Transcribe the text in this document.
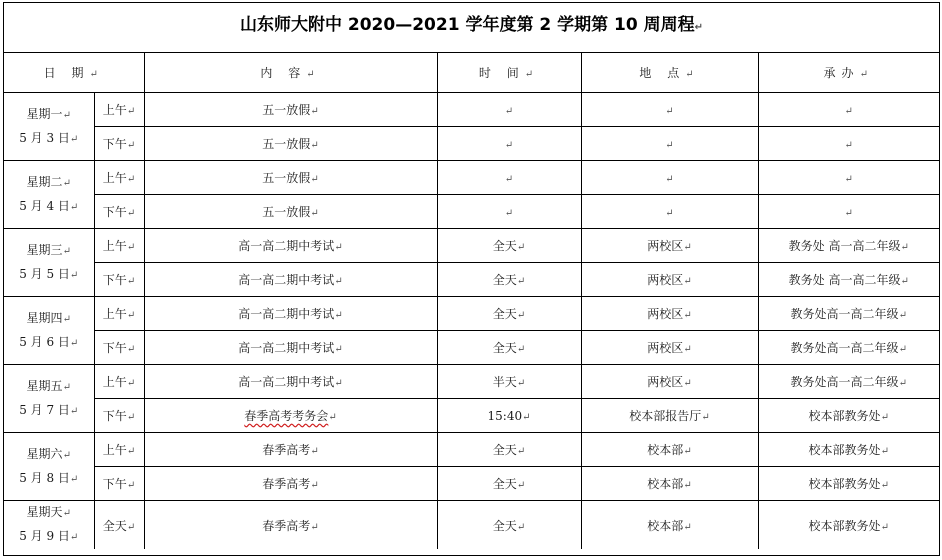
山东师大附中 2020—2021 学年度第 2 学期第 10 周周程↵
日 期↵		内 容↵	时 间↵	地 点↵	承办↵
星期一↵
5 月 3 日↵	上午↵	五一放假↵	↵	↵	↵
	下午↵	五一放假↵	↵	↵	↵
星期二↵
5 月 4 日↵	上午↵	五一放假↵	↵	↵	↵
	下午↵	五一放假↵	↵	↵	↵
星期三↵
5 月 5 日↵	上午↵	高一高二期中考试↵	全天↵	两校区↵	教务处 高一高二年级↵
	下午↵	高一高二期中考试↵	全天↵	两校区↵	教务处 高一高二年级↵
星期四↵
5 月 6 日↵	上午↵	高一高二期中考试↵	全天↵	两校区↵	教务处高一高二年级↵
	下午↵	高一高二期中考试↵	全天↵	两校区↵	教务处高一高二年级↵
星期五↵
5 月 7 日↵	上午↵	高一高二期中考试↵	半天↵	两校区↵	教务处高一高二年级↵
	下午↵	春季高考考务会↵	15:40↵	校本部报告厅↵	校本部教务处↵
星期六↵
5 月 8 日↵	上午↵	春季高考↵	全天↵	校本部↵	校本部教务处↵
	下午↵	春季高考↵	全天↵	校本部↵	校本部教务处↵
星期天↵
5 月 9 日↵	全天↵	春季高考↵	全天↵	校本部↵	校本部教务处↵
